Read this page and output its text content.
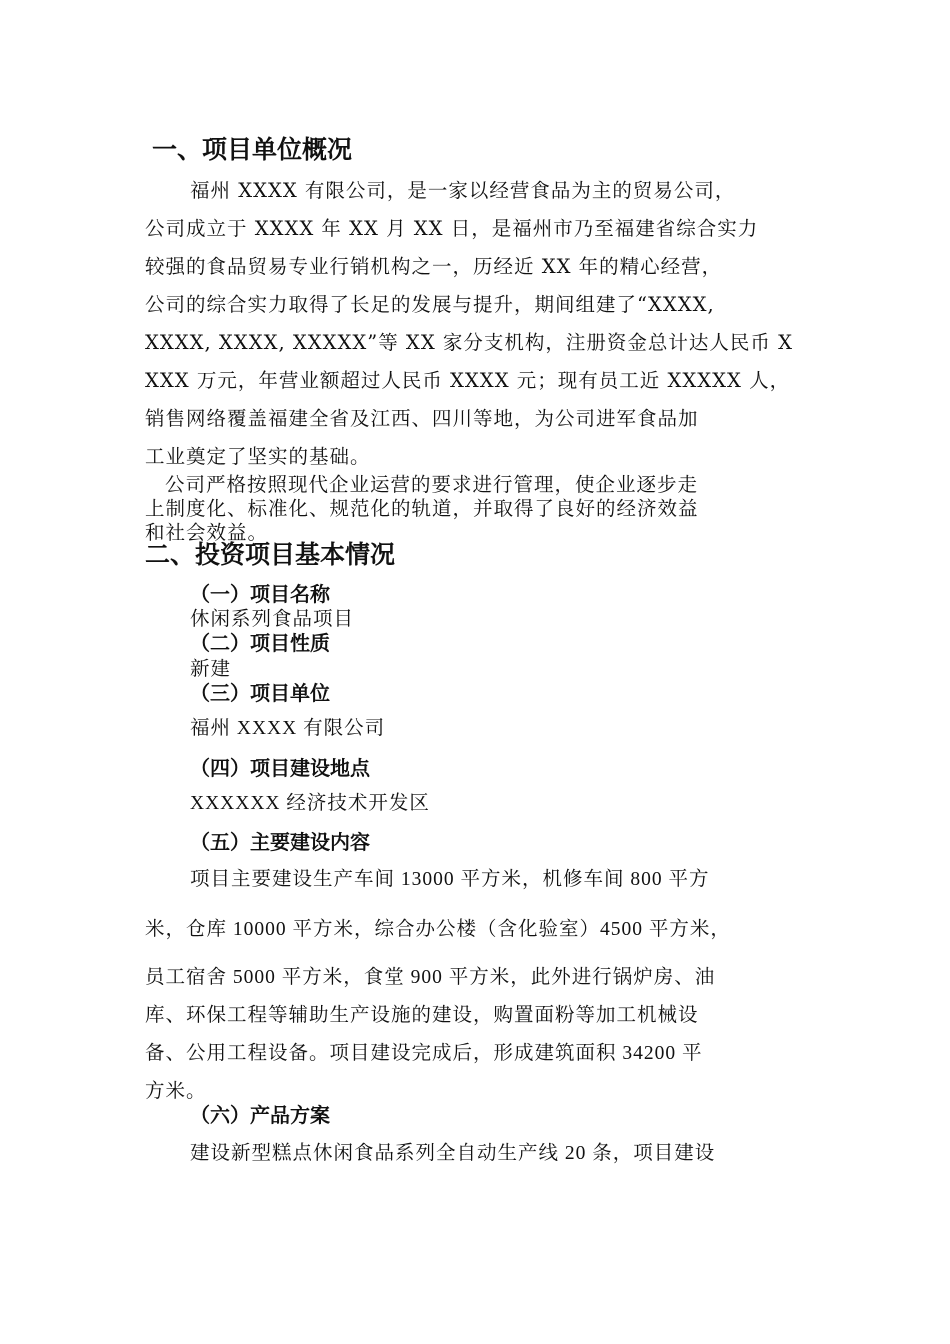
一、项目单位概况
福州 XXXX 有限公司，是一家以经营食品为主的贸易公司，
公司成立于 XXXX 年 XX 月 XX 日，是福州市乃至福建省综合实力
较强的食品贸易专业行销机构之一，历经近 XX 年的精心经营，
公司的综合实力取得了长足的发展与提升，期间组建了“XXXX,
XXXX, XXXX, XXXXX”等 XX 家分支机构，注册资金总计达人民币 X
XXX 万元，年营业额超过人民币 XXXX 元；现有员工近 XXXXX 人，
销售网络覆盖福建全省及江西、四川等地，为公司进军食品加
工业奠定了坚实的基础。
公司严格按照现代企业运营的要求进行管理，使企业逐步走
上制度化、标准化、规范化的轨道，并取得了良好的经济效益
和社会效益。
二、投资项目基本情况
（一）项目名称
休闲系列食品项目
（二）项目性质
新建
（三）项目单位
福州 XXXX 有限公司
（四）项目建设地点
XXXXXX 经济技术开发区
（五）主要建设内容
项目主要建设生产车间 13000 平方米，机修车间 800 平方
米，仓库 10000 平方米，综合办公楼（含化验室）4500 平方米，
员工宿舍 5000 平方米，食堂 900 平方米，此外进行锅炉房、油
库、环保工程等辅助生产设施的建设，购置面粉等加工机械设
备、公用工程设备。项目建设完成后，形成建筑面积 34200 平
方米。
（六）产品方案
建设新型糕点休闲食品系列全自动生产线 20 条，项目建设
